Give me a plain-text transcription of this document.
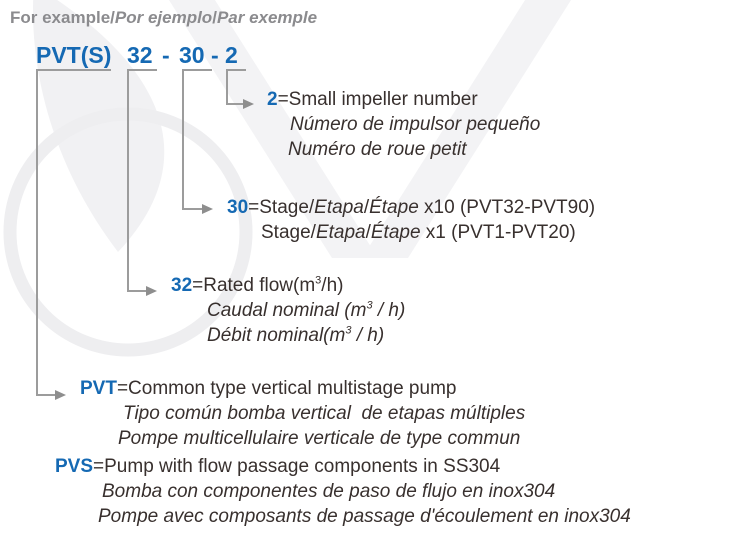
For example/Por ejemplo/Par exemple
PVT(S) 32 - 30 - 2
2=Small impeller number
Número de impulsor pequeño
Numéro de roue petit
30=Stage/Etapa/Étape x10 (PVT32-PVT90)
Stage/Etapa/Étape x1 (PVT1-PVT20)
32=Rated $flow(m^3/h)$
Caudal nominal $(m^3 / h)$
Débit $nominal(m^3 / h)$
PVT=Common type vertical multistage pump
Tipo común bomba vertical  de etapas múltiples
Pompe multicellulaire verticale de type commun
PVS=Pump with flow passage components in SS304
Bomba con componentes de paso de flujo en inox304
Pompe avec composants de passage d'écoulement en inox304
